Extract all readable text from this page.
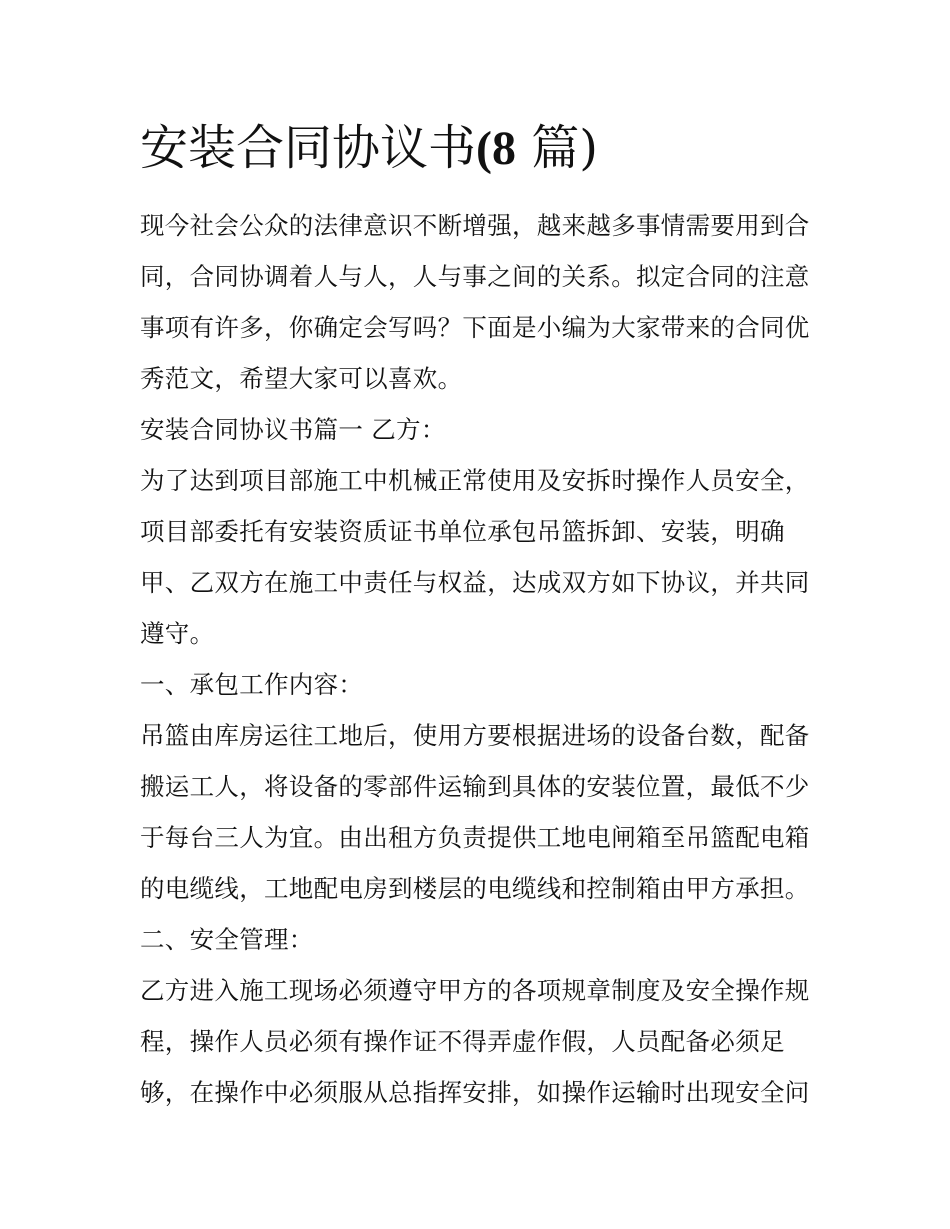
安装合同协议书(8 篇)
现今社会公众的法律意识不断增强，越来越多事情需要用到合
同，合同协调着人与人，人与事之间的关系。拟定合同的注意
事项有许多，你确定会写吗？下面是小编为大家带来的合同优
秀范文，希望大家可以喜欢。
安装合同协议书篇一 乙方：
为了达到项目部施工中机械正常使用及安拆时操作人员安全，
项目部委托有安装资质证书单位承包吊篮拆卸、安装，明确
甲、乙双方在施工中责任与权益，达成双方如下协议，并共同
遵守。
一、承包工作内容：
吊篮由库房运往工地后，使用方要根据进场的设备台数，配备
搬运工人，将设备的零部件运输到具体的安装位置，最低不少
于每台三人为宜。由出租方负责提供工地电闸箱至吊篮配电箱
的电缆线，工地配电房到楼层的电缆线和控制箱由甲方承担。
二、安全管理：
乙方进入施工现场必须遵守甲方的各项规章制度及安全操作规
程，操作人员必须有操作证不得弄虚作假，人员配备必须足
够，在操作中必须服从总指挥安排，如操作运输时出现安全问
